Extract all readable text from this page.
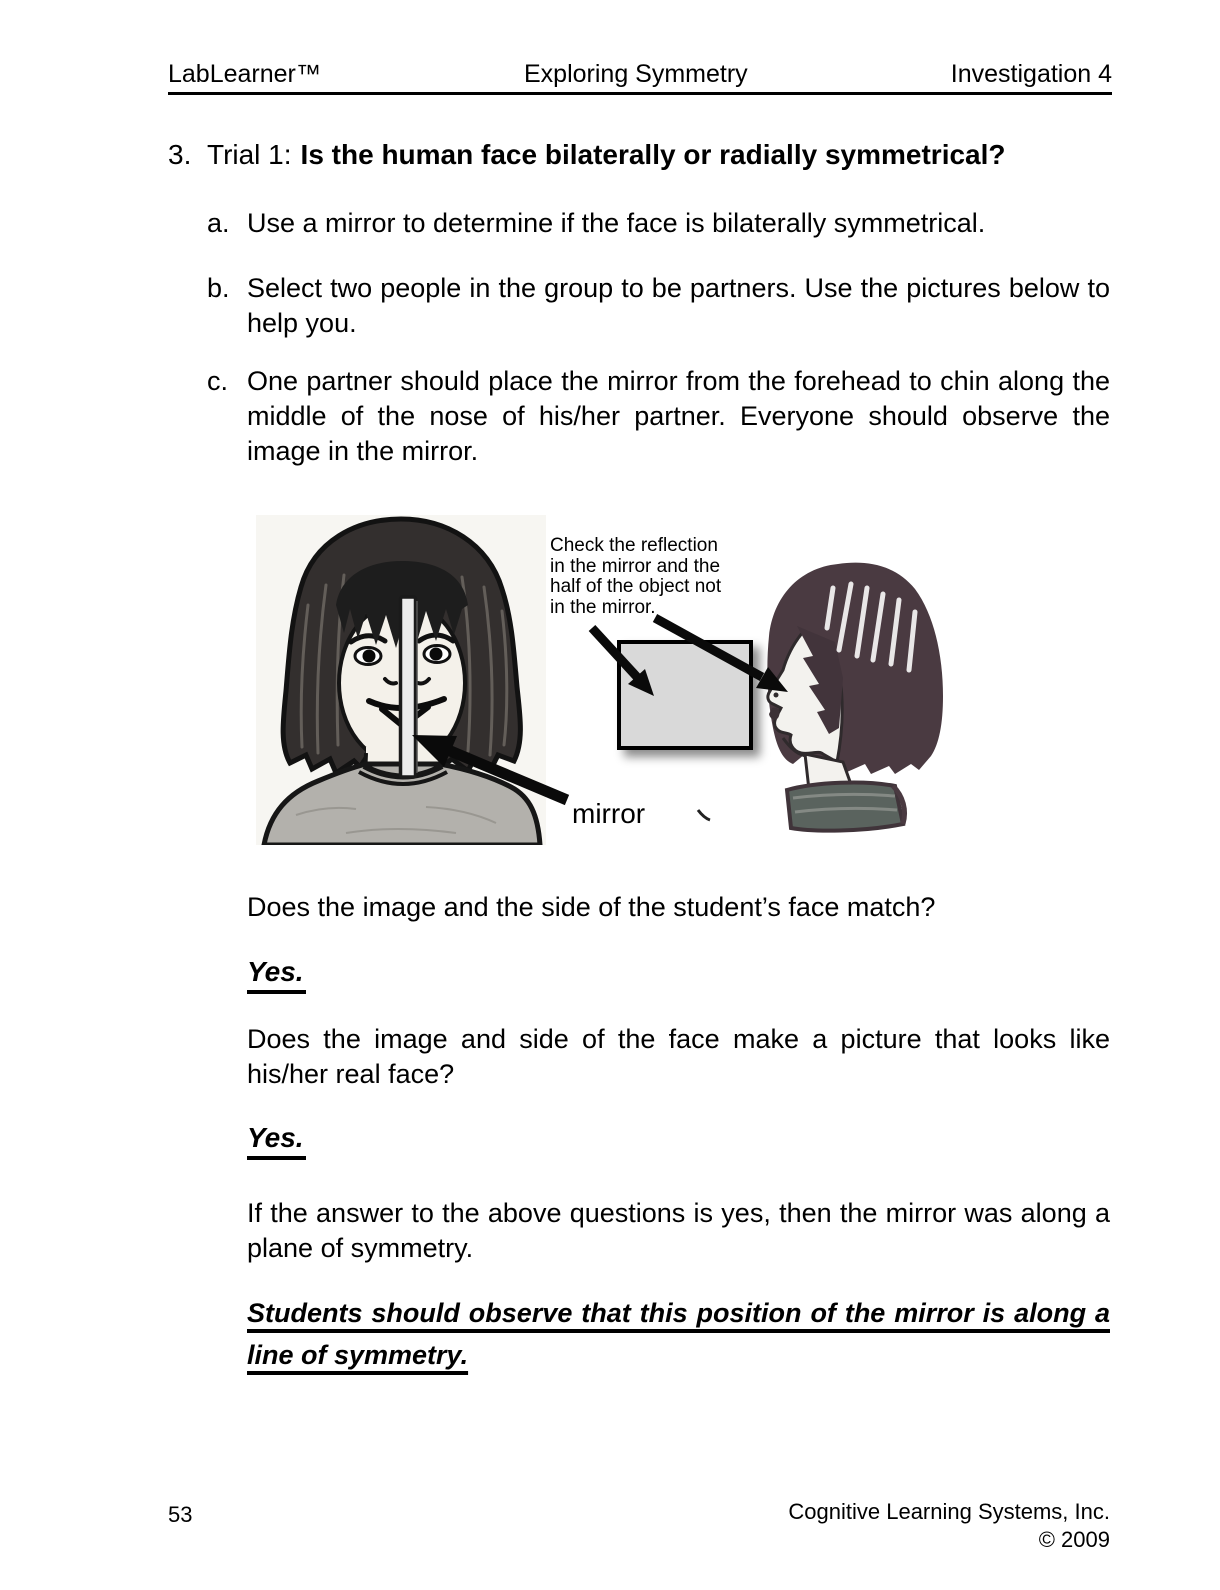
LabLearner™	Exploring Symmetry	Investigation 4
3. Trial 1: Is the human face bilaterally or radially symmetrical?
a. Use a mirror to determine if the face is bilaterally symmetrical.
b. Select two people in the group to be partners. Use the pictures below to help you.
c. One partner should place the mirror from the forehead to chin along the middle of the nose of his/her partner. Everyone should observe the image in the mirror.
Check the reflection in the mirror and the half of the object not in the mirror.
mirror
Does the image and the side of the student’s face match?
Yes.
Does the image and side of the face make a picture that looks like his/her real face?
Yes.
If the answer to the above questions is yes, then the mirror was along a plane of symmetry.
Students should observe that this position of the mirror is along a line of symmetry.
53	Cognitive Learning Systems, Inc.
© 2009
